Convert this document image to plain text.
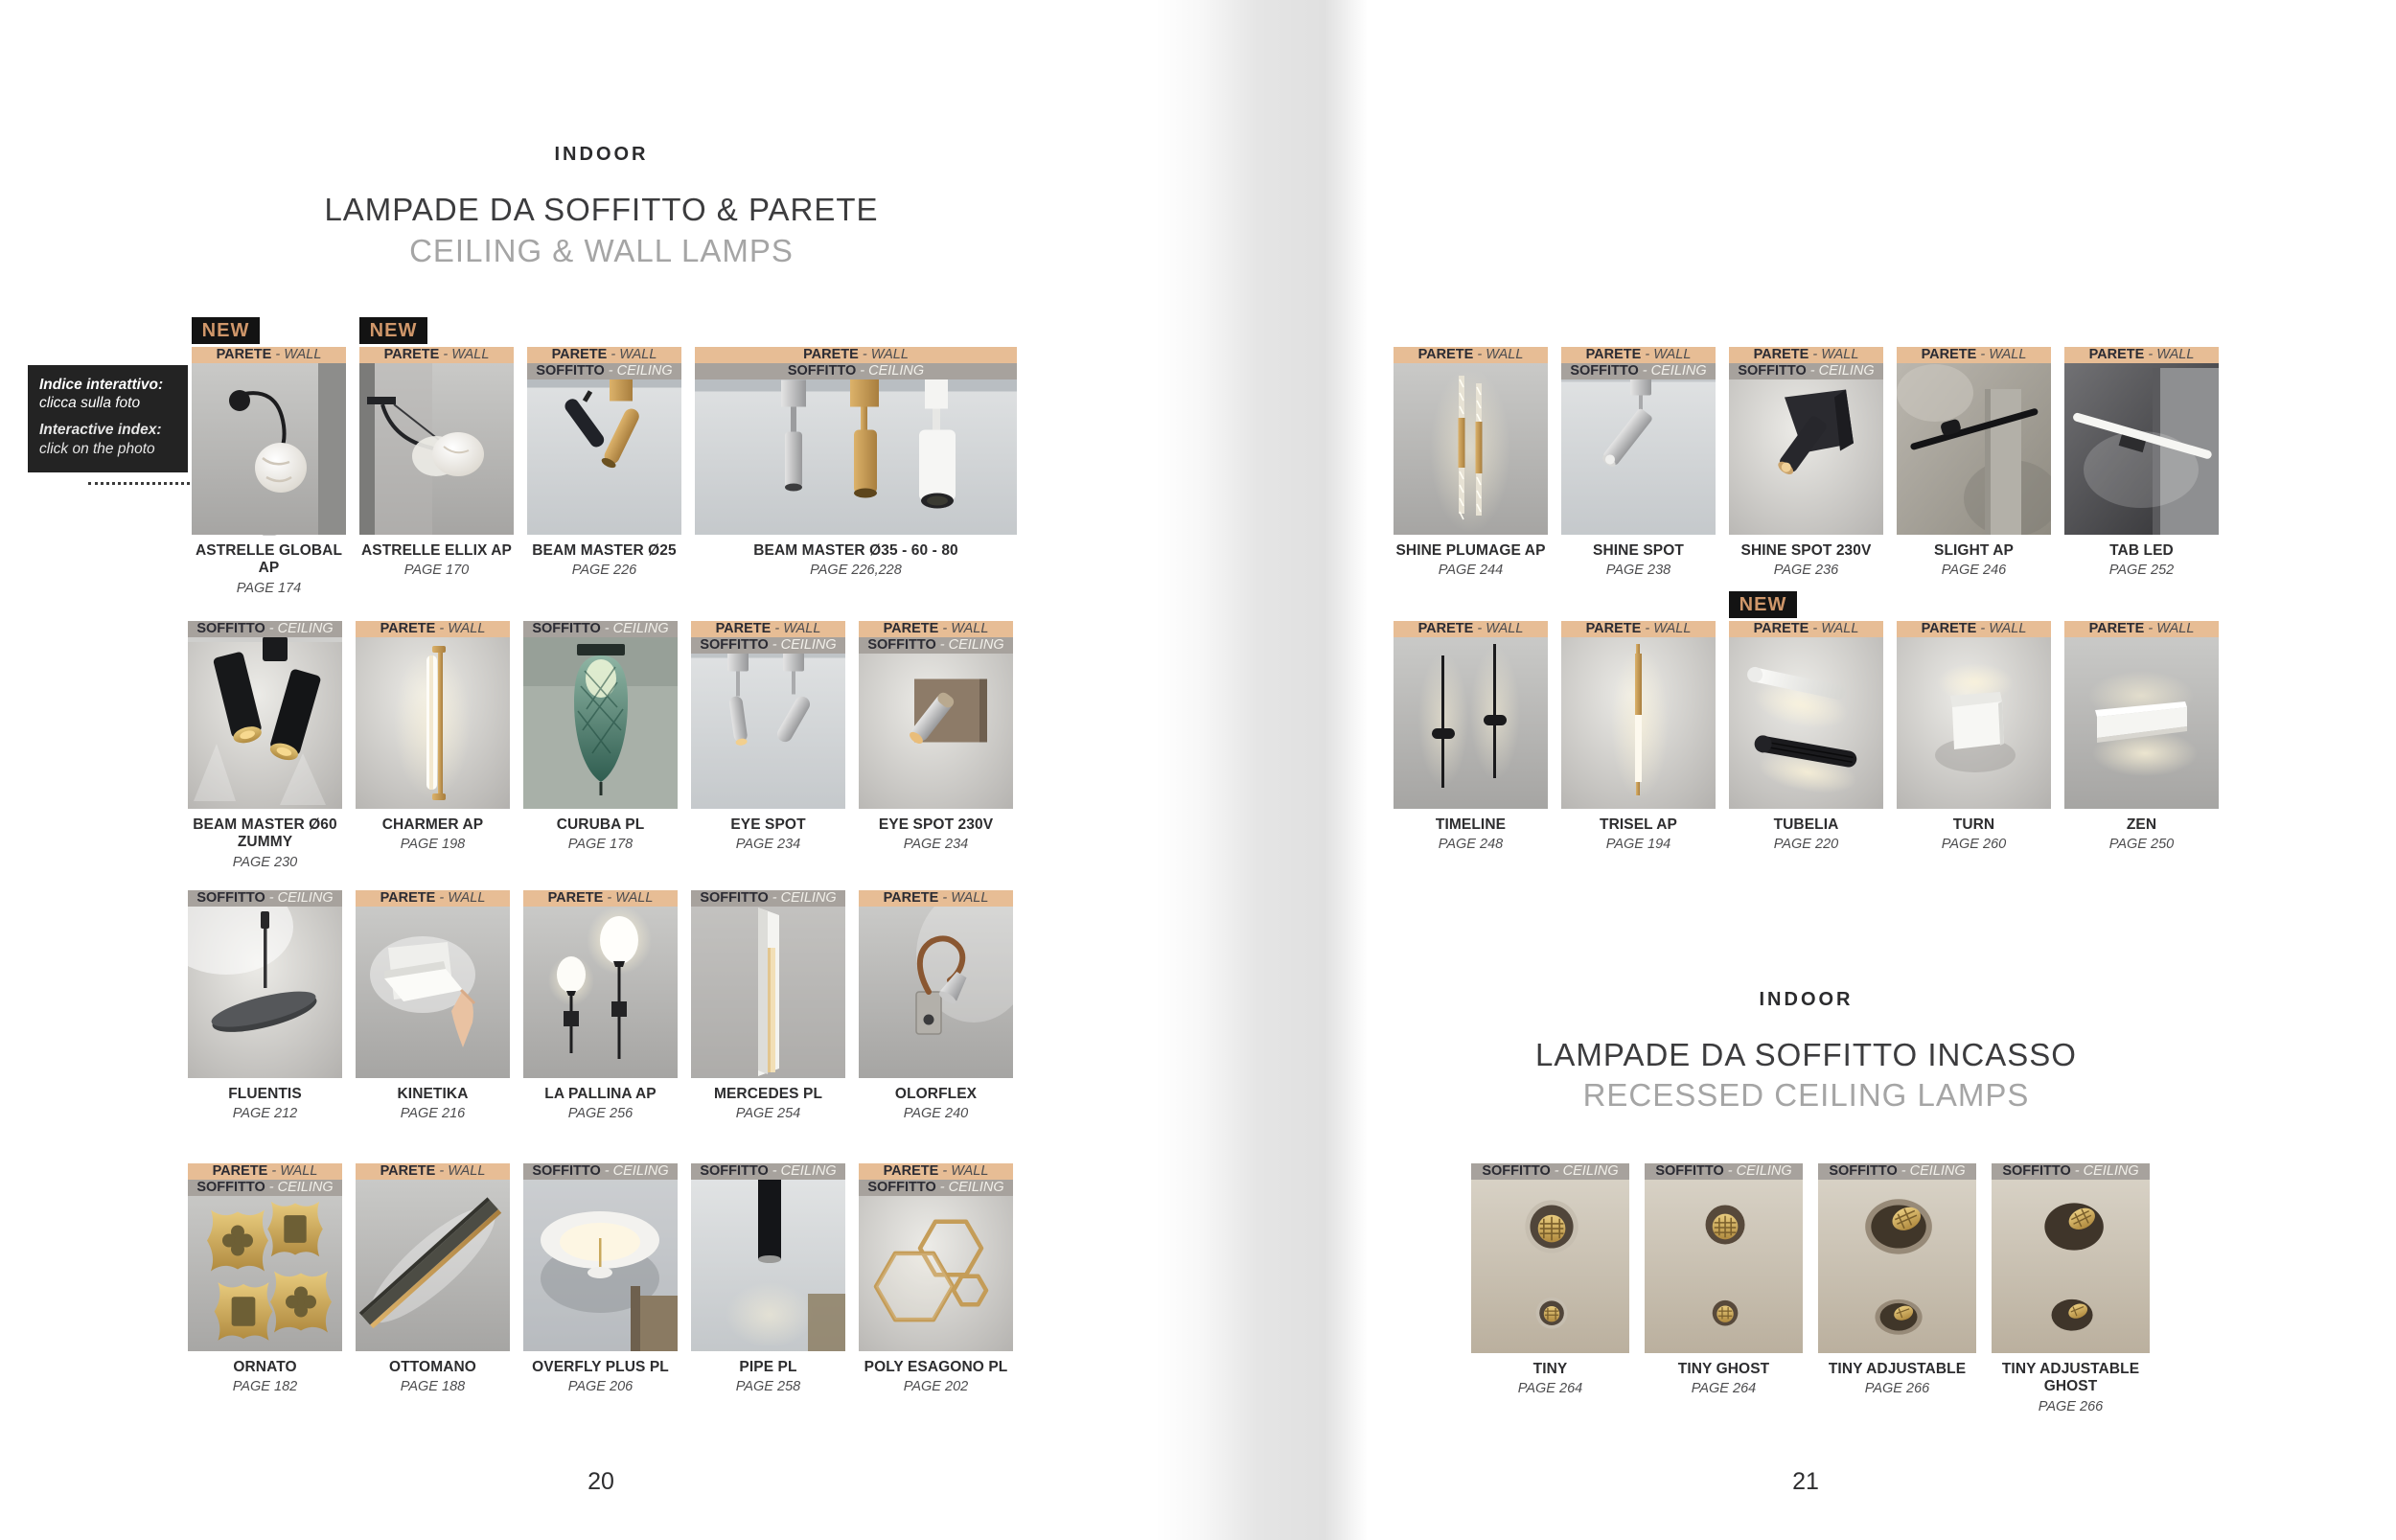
INDOOR
LAMPADE DA SOFFITTO & PARETE
CEILING & WALL LAMPS
Indice interattivo:
clicca sulla foto
Interactive index:
click on the photo
NEW
PARETE - WALL
ASTRELLE GLOBAL AP
PAGE 174
NEW
PARETE - WALL
ASTRELLE ELLIX AP
PAGE 170
PARETE - WALL
SOFFITTO - CEILING
BEAM MASTER Ø25
PAGE 226
PARETE - WALL
SOFFITTO - CEILING
BEAM MASTER Ø35 - 60 - 80
PAGE 226,228
SOFFITTO - CEILING
BEAM MASTER Ø60 ZUMMY
PAGE 230
PARETE - WALL
CHARMER AP
PAGE 198
SOFFITTO - CEILING
CURUBA PL
PAGE 178
PARETE - WALL
SOFFITTO - CEILING
EYE SPOT
PAGE 234
PARETE - WALL
SOFFITTO - CEILING
EYE SPOT 230V
PAGE 234
SOFFITTO - CEILING
FLUENTIS
PAGE 212
PARETE - WALL
KINETIKA
PAGE 216
PARETE - WALL
LA PALLINA AP
PAGE 256
SOFFITTO - CEILING
MERCEDES PL
PAGE 254
PARETE - WALL
OLORFLEX
PAGE 240
PARETE - WALL
SOFFITTO - CEILING
ORNATO
PAGE 182
PARETE - WALL
OTTOMANO
PAGE 188
SOFFITTO - CEILING
OVERFLY PLUS PL
PAGE 206
SOFFITTO - CEILING
PIPE PL
PAGE 258
PARETE - WALL
SOFFITTO - CEILING
POLY ESAGONO PL
PAGE 202
PARETE - WALL
SHINE PLUMAGE AP
PAGE 244
PARETE - WALL
SOFFITTO - CEILING
SHINE SPOT
PAGE 238
PARETE - WALL
SOFFITTO - CEILING
SHINE SPOT 230V
PAGE 236
PARETE - WALL
SLIGHT AP
PAGE 246
PARETE - WALL
TAB LED
PAGE 252
PARETE - WALL
TIMELINE
PAGE 248
PARETE - WALL
TRISEL AP
PAGE 194
NEW
PARETE - WALL
TUBELIA
PAGE 220
PARETE - WALL
TURN
PAGE 260
PARETE - WALL
ZEN
PAGE 250
INDOOR
LAMPADE DA SOFFITTO INCASSO
RECESSED CEILING LAMPS
SOFFITTO - CEILING
TINY
PAGE 264
SOFFITTO - CEILING
TINY GHOST
PAGE 264
SOFFITTO - CEILING
TINY ADJUSTABLE
PAGE 266
SOFFITTO - CEILING
TINY ADJUSTABLE GHOST
PAGE 266
20	21
